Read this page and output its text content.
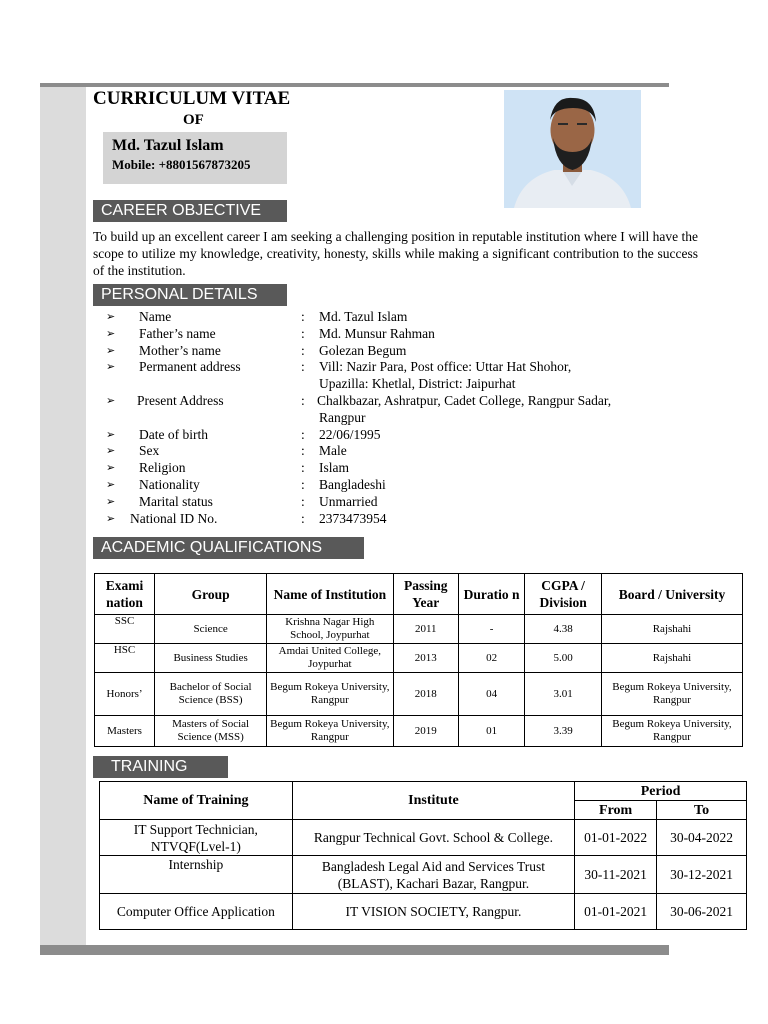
CURRICULUM VITAE
OF
Md. Tazul Islam
Mobile: +8801567873205
CAREER OBJECTIVE
To build up an excellent career I am seeking a challenging position in reputable institution where I will have the scope to utilize my knowledge, creativity, honesty, skills while making a significant contribution to the success of the institution.
PERSONAL DETAILS
➢ Name	: Md. Tazul Islam
➢ Father’s name	: Md. Munsur Rahman
➢ Mother’s name	: Golezan Begum
➢ Permanent address	: Vill: Nazir Para, Post office: Uttar Hat Shohor,
Upazilla: Khetlal, District: Jaipurhat
➢ Present Address	: Chalkbazar, Ashratpur, Cadet College, Rangpur Sadar,
Rangpur
➢ Date of birth	: 22/06/1995
➢ Sex	: Male
➢ Religion	: Islam
➢ Nationality	: Bangladeshi
➢ Marital status	: Unmarried
➢ National ID No.	: 2373473954
ACADEMIC QUALIFICATIONS
Exami nation	Group	Name of Institution	Passing Year	Duratio n	CGPA / Division	Board / University
SSC	Science	Krishna Nagar High School, Joypurhat	2011	-	4.38	Rajshahi
HSC	Business Studies	Amdai United College, Joypurhat	2013	02	5.00	Rajshahi
Honors’	Bachelor of Social Science (BSS)	Begum Rokeya University, Rangpur	2018	04	3.01	Begum Rokeya University, Rangpur
Masters	Masters of Social Science (MSS)	Begum Rokeya University, Rangpur	2019	01	3.39	Begum Rokeya University, Rangpur
TRAINING
Name of Training	Institute	Period	
		From	To
IT Support Technician, NTVQF(Lvel-1)	Rangpur Technical Govt. School & College.	01-01-2022	30-04-2022
Internship	Bangladesh Legal Aid and Services Trust (BLAST), Kachari Bazar, Rangpur.	30-11-2021	30-12-2021
Computer Office Application	IT VISION SOCIETY, Rangpur.	01-01-2021	30-06-2021
